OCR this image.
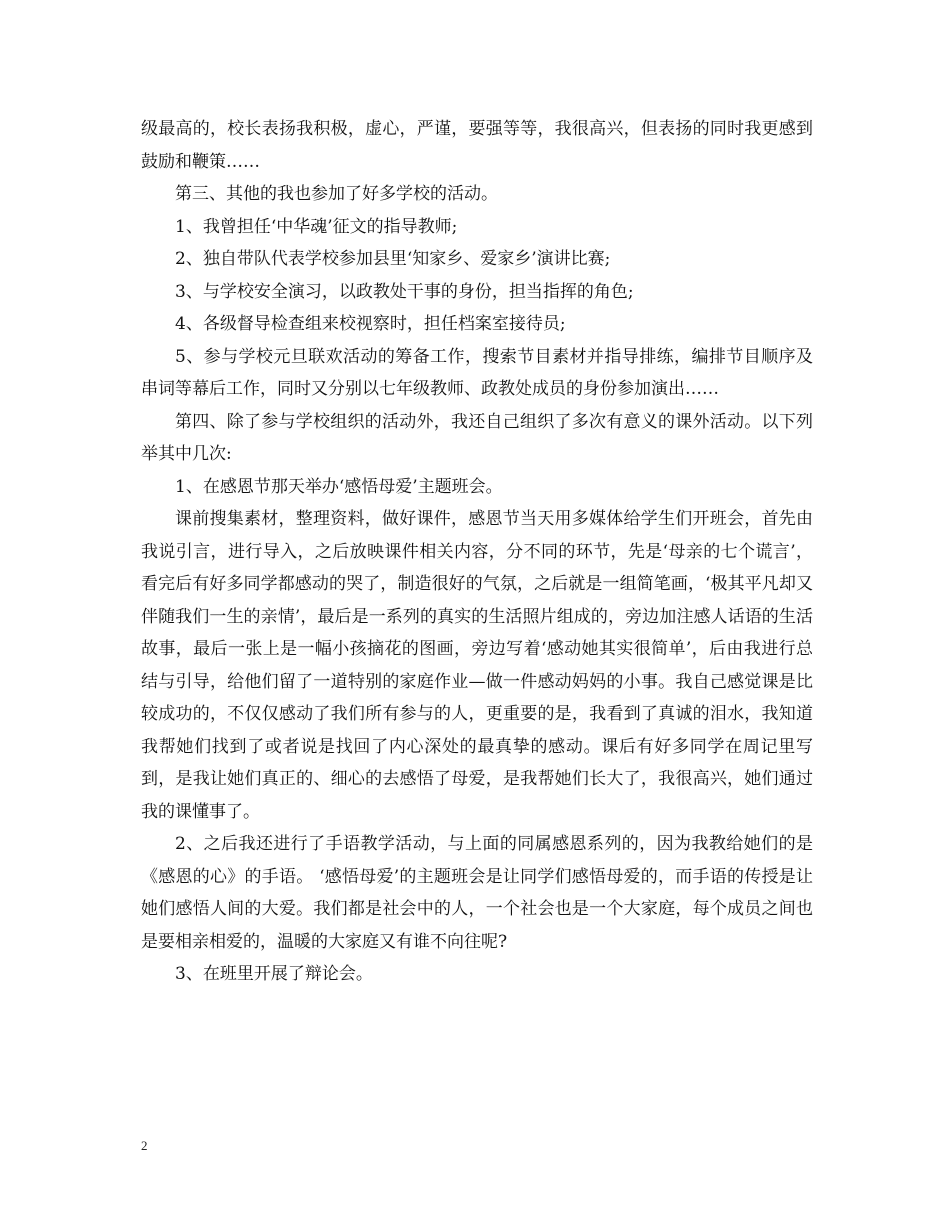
级最高的，校长表扬我积极，虚心，严谨，要强等等，我很高兴，但表扬的同时我更感到鼓励和鞭策……

第三、其他的我也参加了好多学校的活动。

1、我曾担任‘中华魂’征文的指导教师;

2、独自带队代表学校参加县里‘知家乡、爱家乡’演讲比赛;

3、与学校安全演习，以政教处干事的身份，担当指挥的角色;

4、各级督导检查组来校视察时，担任档案室接待员;

5、参与学校元旦联欢活动的筹备工作，搜索节目素材并指导排练，编排节目顺序及串词等幕后工作，同时又分别以七年级教师、政教处成员的身份参加演出……

第四、除了参与学校组织的活动外，我还自己组织了多次有意义的课外活动。以下列举其中几次:

1、在感恩节那天举办‘感悟母爱’主题班会。

课前搜集素材，整理资料，做好课件，感恩节当天用多媒体给学生们开班会，首先由我说引言，进行导入，之后放映课件相关内容，分不同的环节，先是‘母亲的七个谎言’，看完后有好多同学都感动的哭了，制造很好的气氛，之后就是一组简笔画，‘极其平凡却又伴随我们一生的亲情’，最后是一系列的真实的生活照片组成的，旁边加注感人话语的生活故事，最后一张上是一幅小孩摘花的图画，旁边写着‘感动她其实很简单’，后由我进行总结与引导，给他们留了一道特别的家庭作业—做一件感动妈妈的小事。我自己感觉课是比较成功的，不仅仅感动了我们所有参与的人，更重要的是，我看到了真诚的泪水，我知道我帮她们找到了或者说是找回了内心深处的最真挚的感动。课后有好多同学在周记里写到，是我让她们真正的、细心的去感悟了母爱，是我帮她们长大了，我很高兴，她们通过我的课懂事了。

2、之后我还进行了手语教学活动，与上面的同属感恩系列的，因为我教给她们的是《感恩的心》的手语。 ‘感悟母爱’的主题班会是让同学们感悟母爱的，而手语的传授是让她们感悟人间的大爱。我们都是社会中的人，一个社会也是一个大家庭，每个成员之间也是要相亲相爱的，温暖的大家庭又有谁不向往呢?

3、在班里开展了辩论会。

2
